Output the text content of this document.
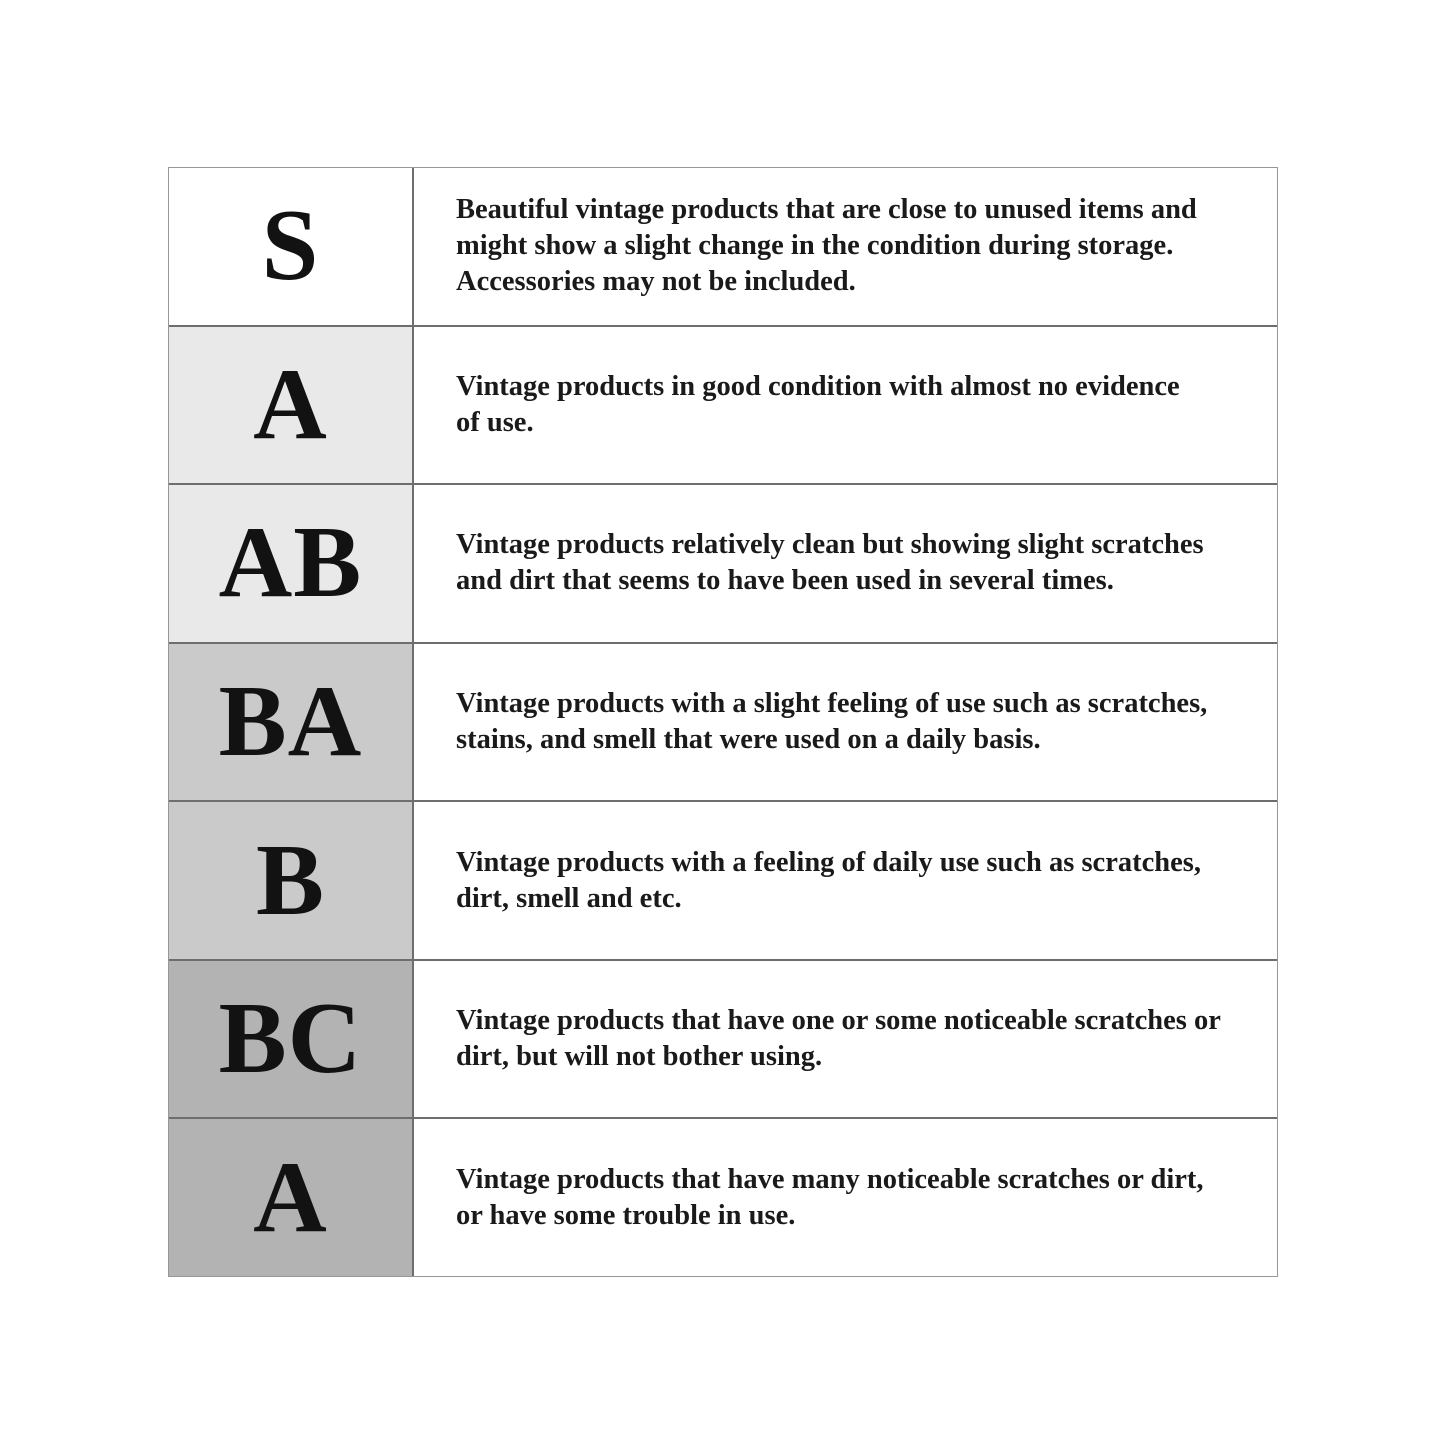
S	Beautiful vintage products that are close to unused items and
might show a slight change in the condition during storage.
Accessories may not be included.
A	Vintage products in good condition with almost no evidence
of use.
AB	Vintage products relatively clean but showing slight scratches
and dirt that seems to have been used in several times.
BA	Vintage products with a slight feeling of use such as scratches,
stains, and smell that were used on a daily basis.
B	Vintage products with a feeling of daily use such as scratches,
dirt, smell and etc.
BC	Vintage products that have one or some noticeable scratches or
dirt, but will not bother using.
A	Vintage products that have many noticeable scratches or dirt,
or have some trouble in use.
